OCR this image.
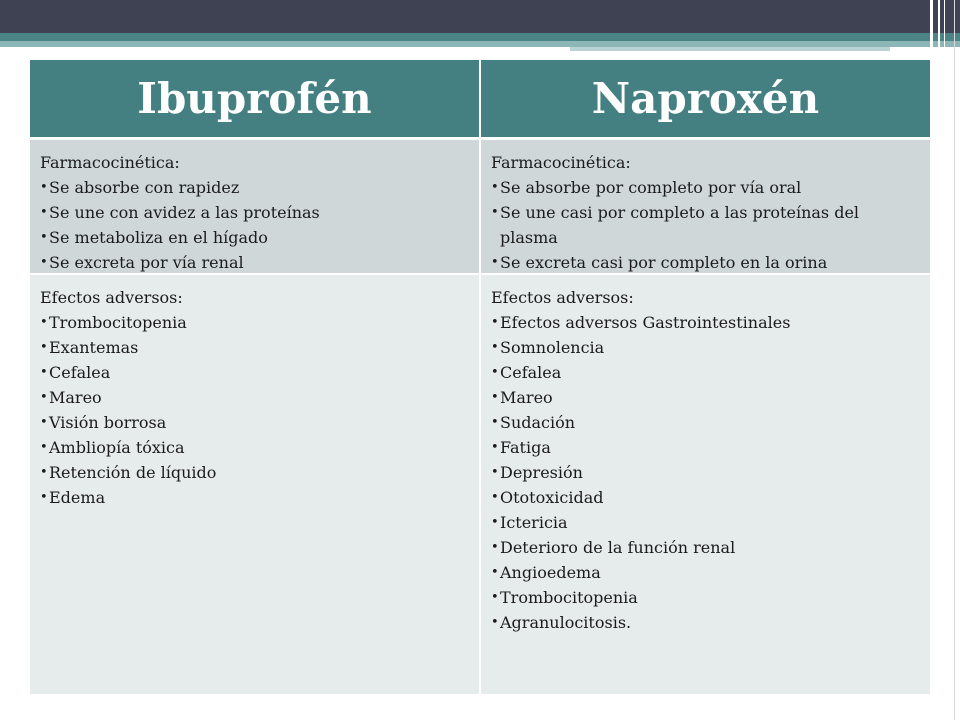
Ibuprofén	Naproxén
Farmacocinética:
• Se absorbe con rapidez
• Se une con avidez a las proteínas
• Se metaboliza en el hígado
• Se excreta por vía renal
Farmacocinética:
• Se absorbe por completo por vía oral
• Se une casi por completo a las proteínas del plasma
• Se excreta casi por completo en la orina
Efectos adversos:
• Trombocitopenia
• Exantemas
• Cefalea
• Mareo
• Visión borrosa
• Ambliopía tóxica
• Retención de líquido
• Edema
Efectos adversos:
• Efectos adversos Gastrointestinales
• Somnolencia
• Cefalea
• Mareo
• Sudación
• Fatiga
• Depresión
• Ototoxicidad
• Ictericia
• Deterioro de la función renal
• Angioedema
• Trombocitopenia
• Agranulocitosis.
